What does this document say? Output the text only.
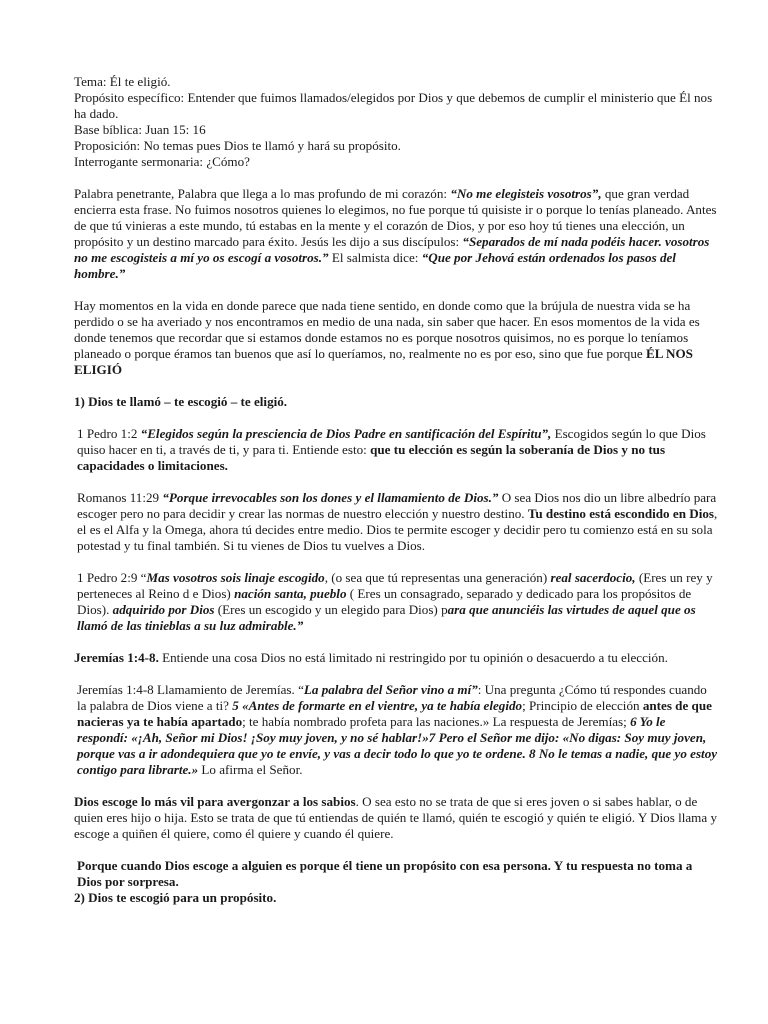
Tema: Él te eligió.

Propósito específico: Entender que fuimos llamados/elegidos por Dios y que debemos de cumplir el ministerio que Él nos ha dado.

Base bíblica: Juan 15: 16

Proposición: No temas pues Dios te llamó y hará su propósito.

Interrogante sermonaria: ¿Cómo?

Palabra penetrante, Palabra que llega a lo mas profundo de mi corazón: “No me elegisteis vosotros”, que gran verdad encierra esta frase. No fuimos nosotros quienes lo elegimos, no fue porque tú quisiste ir o porque lo tenías planeado. Antes de que tú vinieras a este mundo, tú estabas en la mente y el corazón de Dios, y por eso hoy tú tienes una elección, un propósito y un destino marcado para éxito. Jesús les dijo a sus discípulos: “Separados de mí nada podéis hacer. vosotros no me escogisteis a mí yo os escogí a vosotros.” El salmista dice: “Que por Jehová están ordenados los pasos del hombre.”

Hay momentos en la vida en donde parece que nada tiene sentido, en donde como que la brújula de nuestra vida se ha perdido o se ha averiado y nos encontramos en medio de una nada, sin saber que hacer. En esos momentos de la vida es donde tenemos que recordar que si estamos donde estamos no es porque nosotros quisimos, no es porque lo teníamos planeado o porque éramos tan buenos que así lo queríamos, no, realmente no es por eso, sino que fue porque ÉL NOS ELIGIÓ

1) Dios te llamó – te escogió – te eligió.

1 Pedro 1:2 “Elegidos según la presciencia de Dios Padre en santificación del Espíritu”, Escogidos según lo que Dios quiso hacer en ti, a través de ti, y para ti. Entiende esto: que tu elección es según la soberanía de Dios y no tus capacidades o limitaciones.

Romanos 11:29 “Porque irrevocables son los dones y el llamamiento de Dios.” O sea Dios nos dio un libre albedrío para escoger pero no para decidir y crear las normas de nuestro elección y nuestro destino. Tu destino está escondido en Dios, el es el Alfa y la Omega, ahora tú decides entre medio. Dios te permite escoger y decidir pero tu comienzo está en su sola potestad y tu final también. Si tu vienes de Dios tu vuelves a Dios.

1 Pedro 2:9 “Mas vosotros sois linaje escogido, (o sea que tú representas una generación) real sacerdocio, (Eres un rey y perteneces al Reino d e Dios) nación santa, pueblo ( Eres un consagrado, separado y dedicado para los propósitos de Dios). adquirido por Dios (Eres un escogido y un elegido para Dios) para que anunciéis las virtudes de aquel que os llamó de las tinieblas a su luz admirable.”

Jeremías 1:4-8. Entiende una cosa Dios no está limitado ni restringido por tu opinión o desacuerdo a tu elección.

Jeremías 1:4-8 Llamamiento de Jeremías. “La palabra del Señor vino a mí”: Una pregunta ¿Cómo tú respondes cuando la palabra de Dios viene a ti? 5 «Antes de formarte en el vientre, ya te había elegido; Principio de elección antes de que nacieras ya te había apartado; te había nombrado profeta para las naciones.» La respuesta de Jeremías; 6 Yo le respondí: «¡Ah, Señor mi Dios! ¡Soy muy joven, y no sé hablar!»7 Pero el Señor me dijo: «No digas: Soy muy joven, porque vas a ir adondequiera que yo te envíe, y vas a decir todo lo que yo te ordene. 8 No le temas a nadie, que yo estoy contigo para librarte.» Lo afirma el Señor.

Dios escoge lo más vil para avergonzar a los sabios. O sea esto no se trata de que si eres joven o si sabes hablar, o de quien eres hijo o hija. Esto se trata de que tú entiendas de quién te llamó, quién te escogió y quién te eligió. Y Dios llama y escoge a quiñen él quiere, como él quiere y cuando él quiere.

Porque cuando Dios escoge a alguien es porque él tiene un propósito con esa persona. Y tu respuesta no toma a Dios por sorpresa.

2) Dios te escogió para un propósito.
